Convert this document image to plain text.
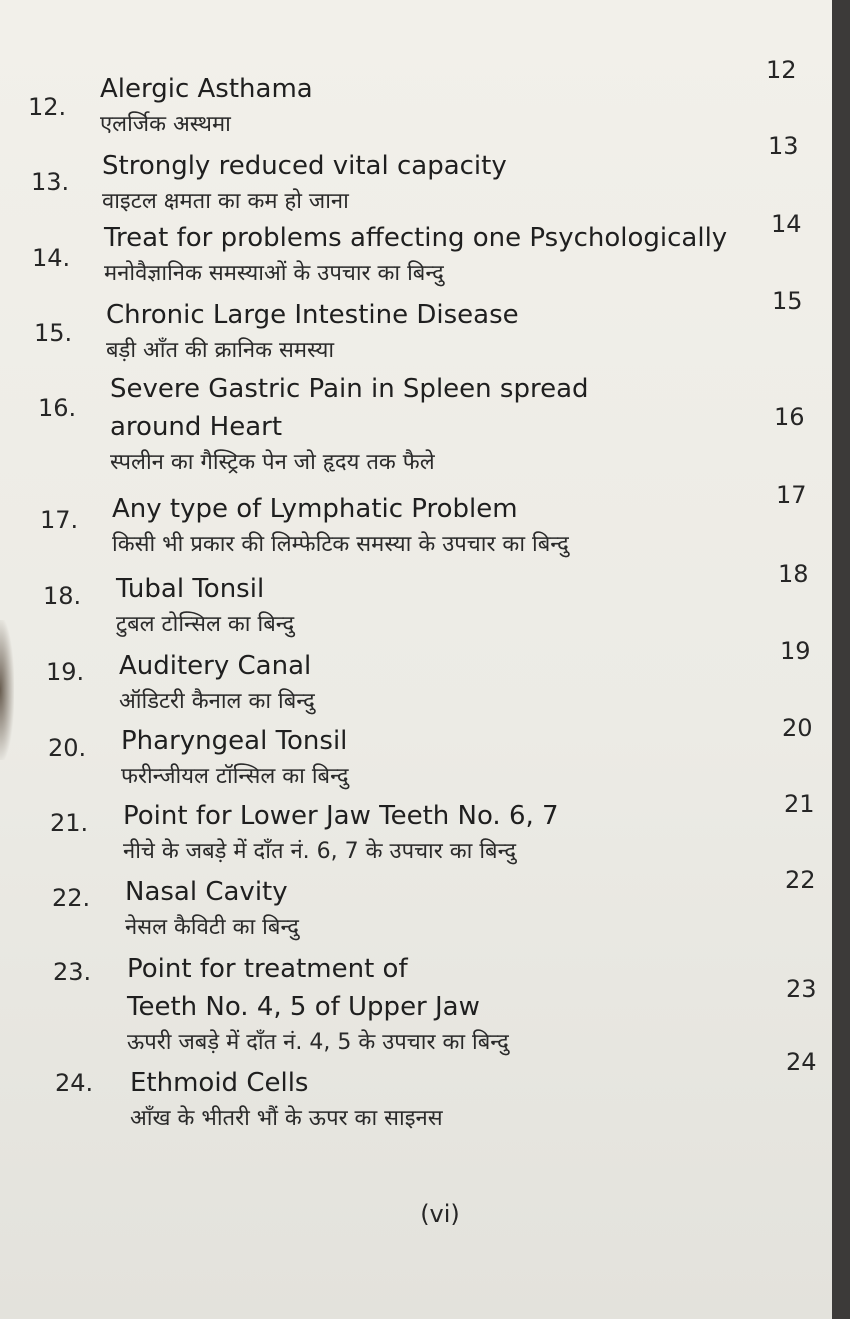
12.
Alergic Asthama
एलर्जिक अस्थमा
12
13.
Strongly reduced vital capacity
वाइटल क्षमता का कम हो जाना
13
14.
Treat for problems affecting one Psychologically
मनोवैज्ञानिक समस्याओं के उपचार का बिन्दु
14
15.
Chronic Large Intestine Disease
बड़ी आँत की क्रानिक समस्या
15
16.
Severe Gastric Pain in Spleen spread
around Heart
स्पलीन का गैस्ट्रिक पेन जो हृदय तक फैले
16
17.	Any type of Lymphatic Problem
किसी भी प्रकार की लिम्फेटिक समस्या के उपचार का बिन्दु
17
18.	Tubal Tonsil
टुबल टोन्सिल का बिन्दु
18
19.	Auditery Canal
ऑडिटरी कैनाल का बिन्दु
19
20.	Pharyngeal Tonsil
फरीन्जीयल टॉन्सिल का बिन्दु
20
21.	Point for Lower Jaw Teeth No. 6, 7
नीचे के जबड़े में दाँत नं. 6, 7 के उपचार का बिन्दु
21
22.	Nasal Cavity
नेसल कैविटी का बिन्दु
22
23.	Point for treatment of
Teeth No. 4, 5 of Upper Jaw
ऊपरी जबड़े में दाँत नं. 4, 5 के उपचार का बिन्दु
23
24.	Ethmoid Cells
आँख के भीतरी भौं के ऊपर का साइनस
24
(vi)
